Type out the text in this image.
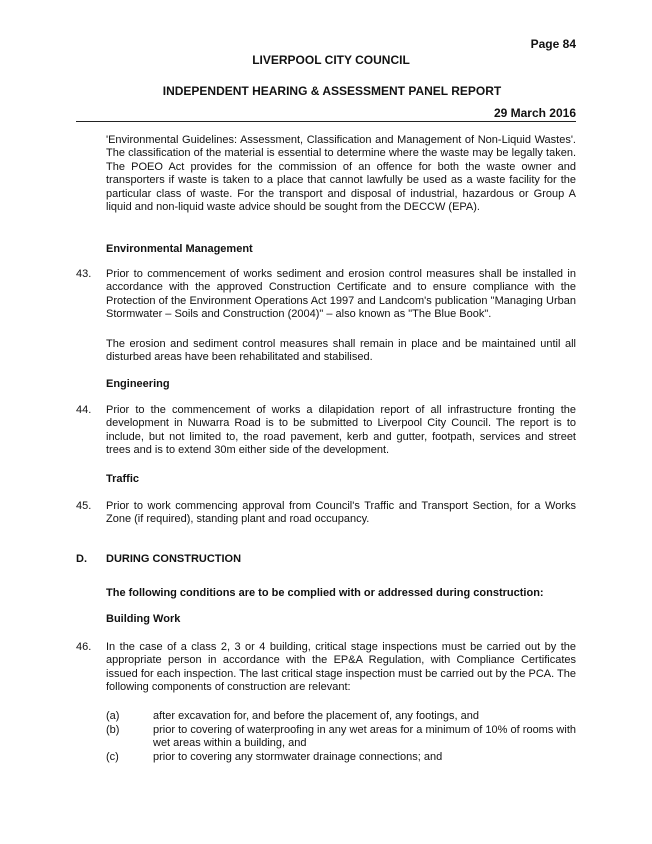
Page 84
LIVERPOOL CITY COUNCIL
INDEPENDENT HEARING & ASSESSMENT PANEL REPORT
29 March 2016
'Environmental Guidelines: Assessment, Classification and Management of Non-Liquid Wastes'. The classification of the material is essential to determine where the waste may be legally taken. The POEO Act provides for the commission of an offence for both the waste owner and transporters if waste is taken to a place that cannot lawfully be used as a waste facility for the particular class of waste. For the transport and disposal of industrial, hazardous or Group A liquid and non-liquid waste advice should be sought from the DECCW (EPA).
Environmental Management
43. Prior to commencement of works sediment and erosion control measures shall be installed in accordance with the approved Construction Certificate and to ensure compliance with the Protection of the Environment Operations Act 1997 and Landcom's publication "Managing Urban Stormwater – Soils and Construction (2004)" – also known as "The Blue Book".
The erosion and sediment control measures shall remain in place and be maintained until all disturbed areas have been rehabilitated and stabilised.
Engineering
44. Prior to the commencement of works a dilapidation report of all infrastructure fronting the development in Nuwarra Road is to be submitted to Liverpool City Council. The report is to include, but not limited to, the road pavement, kerb and gutter, footpath, services and street trees and is to extend 30m either side of the development.
Traffic
45. Prior to work commencing approval from Council's Traffic and Transport Section, for a Works Zone (if required), standing plant and road occupancy.
D. DURING CONSTRUCTION
The following conditions are to be complied with or addressed during construction:
Building Work
46. In the case of a class 2, 3 or 4 building, critical stage inspections must be carried out by the appropriate person in accordance with the EP&A Regulation, with Compliance Certificates issued for each inspection. The last critical stage inspection must be carried out by the PCA. The following components of construction are relevant:
(a)	after excavation for, and before the placement of, any footings, and
(b)	prior to covering of waterproofing in any wet areas for a minimum of 10% of rooms with wet areas within a building, and
(c)	prior to covering any stormwater drainage connections; and
